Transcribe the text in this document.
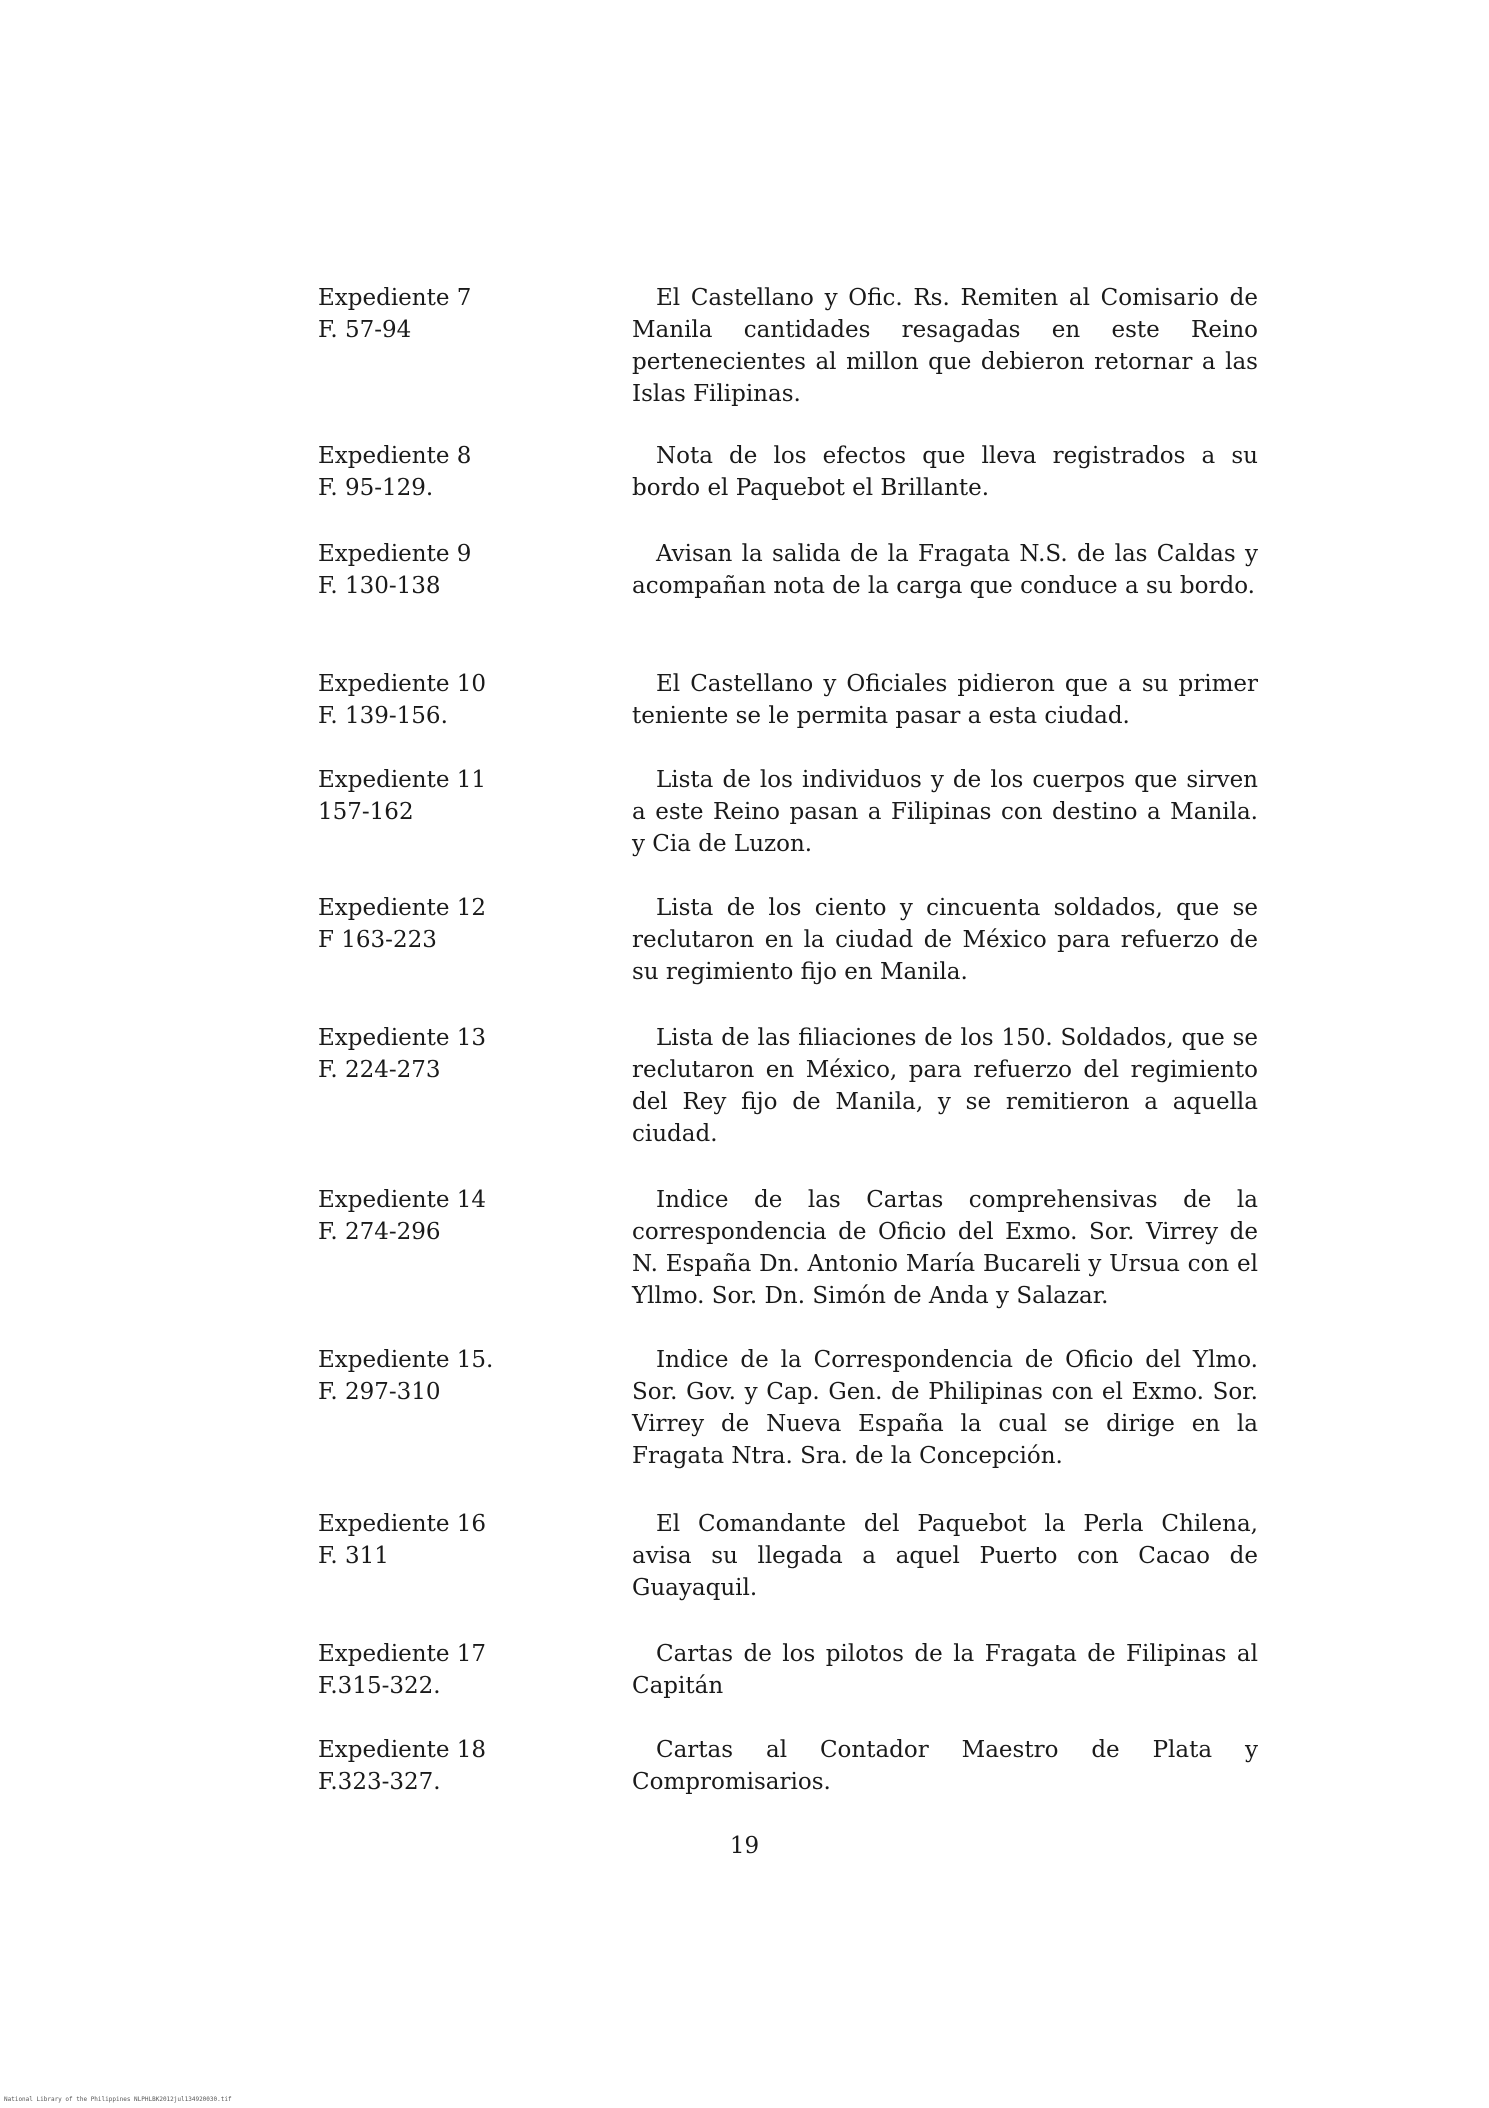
Expediente 7
F. 57-94
El Castellano y Ofic. Rs. Remiten al Comisario de Manila cantidades resagadas en este Reino pertenecientes al millon que debieron retornar a las Islas Filipinas.
Expediente 8
F. 95-129.
Nota de los efectos que lleva registrados a su bordo el Paquebot el Brillante.
Expediente 9
F. 130-138
Avisan la salida de la Fragata N.S. de las Caldas y acompañan nota de la carga que conduce a su bordo.
Expediente 10
F. 139-156.
El Castellano y Oficiales pidieron que a su primer teniente se le permita pasar a esta ciudad.
Expediente 11
157-162
Lista de los individuos y de los cuerpos que sirven a este Reino pasan a Filipinas con destino a Manila. y Cia de Luzon.
Expediente 12
F 163-223
Lista de los ciento y cincuenta soldados, que se reclutaron en la ciudad de México para refuerzo de su regimiento fijo en Manila.
Expediente 13
F. 224-273
Lista de las filiaciones de los 150. Soldados, que se reclutaron en México, para refuerzo del regimiento del Rey fijo de Manila, y se remitieron a aquella ciudad.
Expediente 14
F. 274-296
Indice de las Cartas comprehensivas de la correspondencia de Oficio del Exmo. Sor. Virrey de N. España Dn. Antonio María Bucareli y Ursua con el Yllmo. Sor. Dn. Simón de Anda y Salazar.
Expediente 15.
F. 297-310
Indice de la Correspondencia de Oficio del Ylmo. Sor. Gov. y Cap. Gen. de Philipinas con el Exmo. Sor. Virrey de Nueva España la cual se dirige en la Fragata Ntra. Sra. de la Concepción.
Expediente 16
F. 311
El Comandante del Paquebot la Perla Chilena, avisa su llegada a aquel Puerto con Cacao de Guayaquil.
Expediente 17
F.315-322.
Cartas de los pilotos de la Fragata de Filipinas al Capitán
Expediente 18
F.323-327.
Cartas al Contador Maestro de Plata y Compromisarios.
19
National Library of the Philippines NLPHLBK2012jul134920030.tif
